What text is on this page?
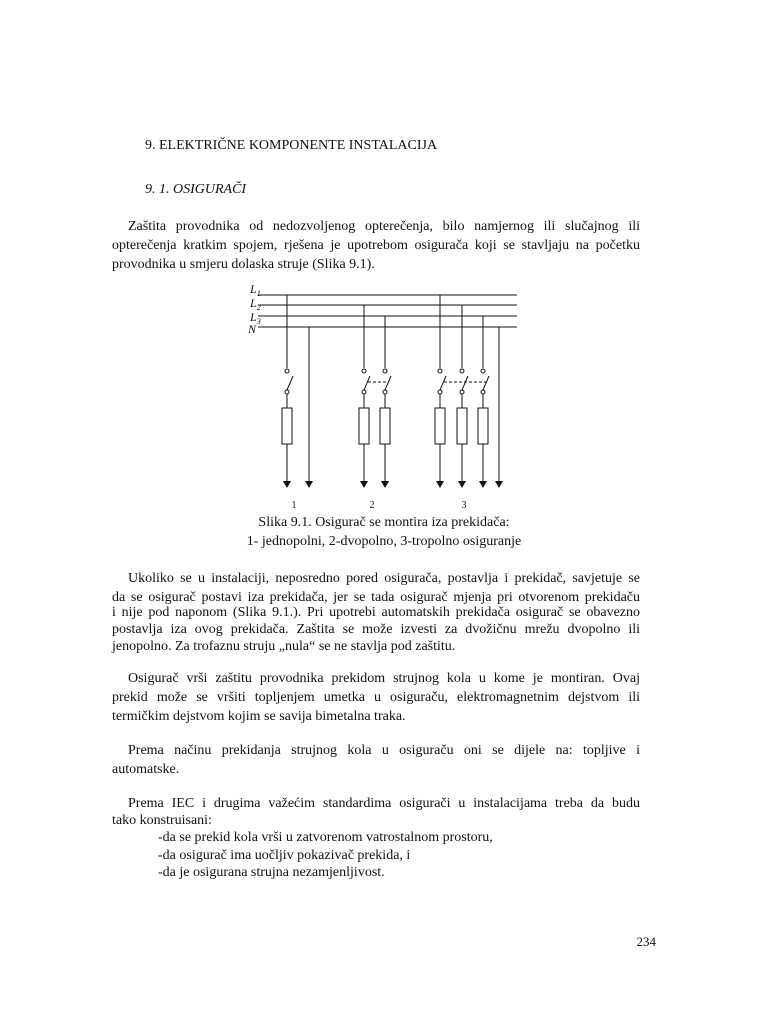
9. ELEKTRIČNE KOMPONENTE INSTALACIJA
9. 1. OSIGURAČI
Zaštita provodnika od nedozvoljenog opterečenja, bilo namjernog ili slučajnog ili
opterečenja kratkim spojem, rješena je upotrebom osigurača koji se stavljaju na početku
provodnika u smjeru dolaska struje (Slika 9.1).
$L_1$
$L_2$
$L_3$
N
1	2	3
Slika 9.1. Osigurač se montira iza prekidača:
1- jednopolni, 2-dvopolno, 3-tropolno osiguranje
Ukoliko se u instalaciji, neposredno pored osigurača, postavlja i prekidač, savjetuje se
da se osigurač postavi iza prekidača, jer se tada osigurač mjenja pri otvorenom prekidaču
i nije pod naponom (Slika 9.1.). Pri upotrebi automatskih prekidača osigurač se obavezno
postavlja iza ovog prekidača. Zaštita se može izvesti za dvožičnu mrežu dvopolno ili
jenopolno. Za trofaznu struju „nula“ se ne stavlja pod zaštitu.
Osigurač vrši zaštitu provodnika prekidom strujnog kola u kome je montiran. Ovaj
prekid može se vršiti topljenjem umetka u osiguraču, elektromagnetnim dejstvom ili
termičkim dejstvom kojim se savija bimetalna traka.
Prema načinu prekidanja strujnog kola u osiguraču oni se dijele na: topljive i
automatske.
Prema IEC i drugima važećim standardima osigurači u instalacijama treba da budu
tako konstruisani:
-da se prekid kola vrši u zatvorenom vatrostalnom prostoru,
-da osigurač ima uočljiv pokazivač prekida, i
-da je osigurana strujna nezamjenljivost.
234
